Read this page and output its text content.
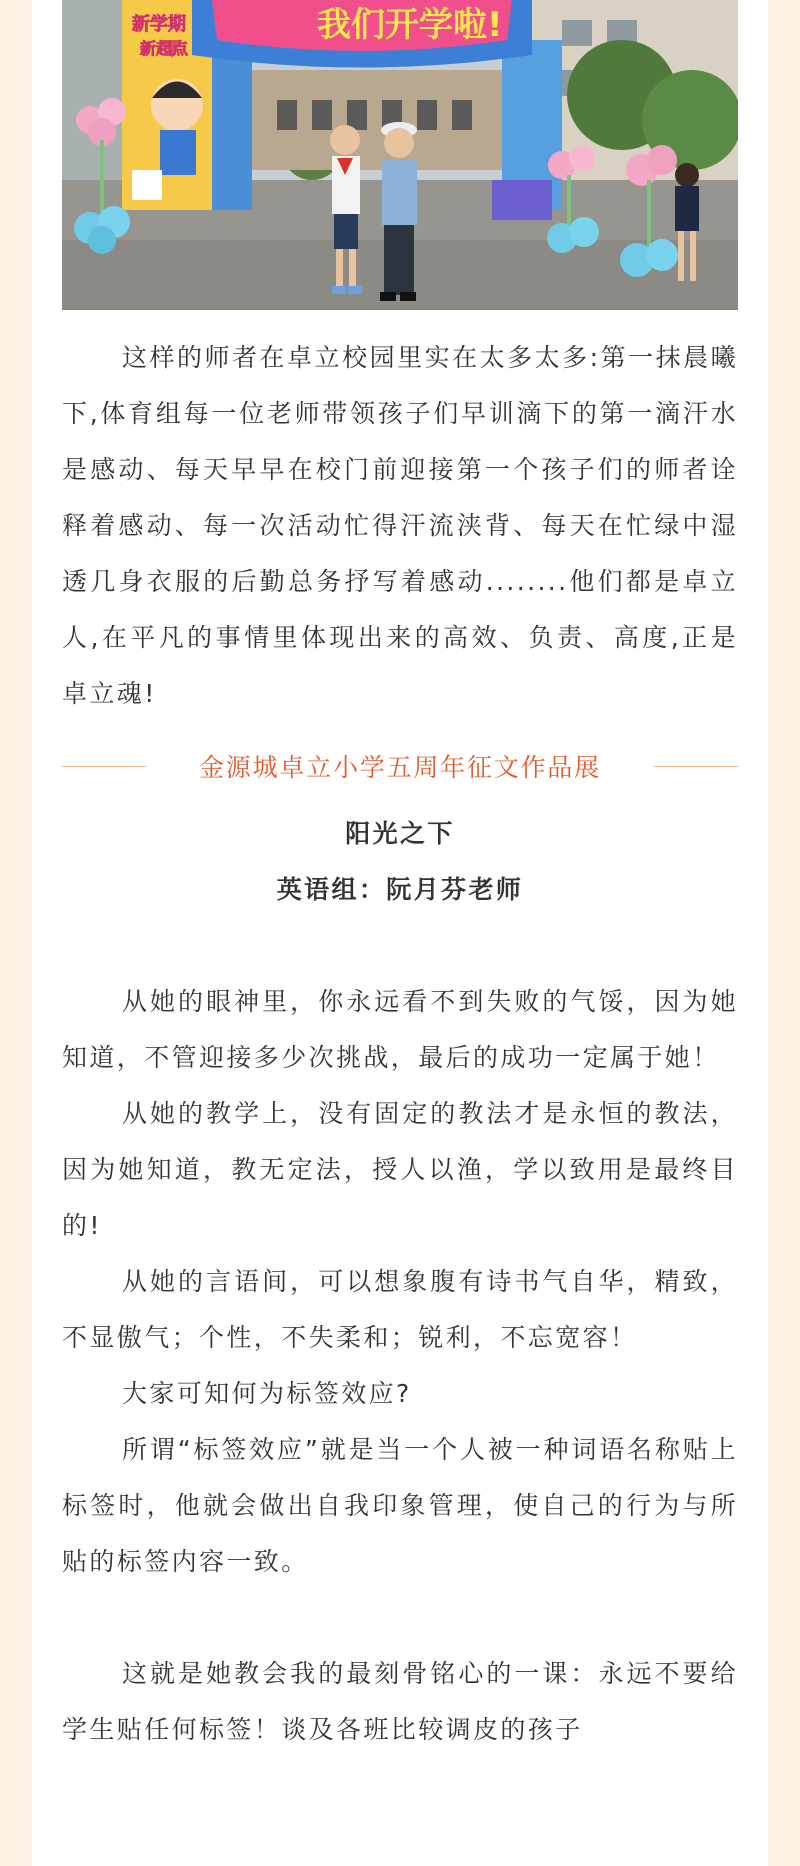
我们开学啦!
新学期
新起点

这样的师者在卓立校园里实在太多太多:第一抹晨曦下,体育组每一位老师带领孩子们早训滴下的第一滴汗水是感动、每天早早在校门前迎接第一个孩子们的师者诠释着感动、每一次活动忙得汗流浃背、每天在忙绿中湿透几身衣服的后勤总务抒写着感动........他们都是卓立人,在平凡的事情里体现出来的高效、负责、高度,正是卓立魂!

金源城卓立小学五周年征文作品展
阳光之下
英语组：阮月芬老师

从她的眼神里，你永远看不到失败的气馁，因为她知道，不管迎接多少次挑战，最后的成功一定属于她！

从她的教学上，没有固定的教法才是永恒的教法，因为她知道，教无定法，授人以渔，学以致用是最终目的!

从她的言语间，可以想象腹有诗书气自华，精致，不显傲气；个性，不失柔和；锐利，不忘宽容！

大家可知何为标签效应?

所谓“标签效应”就是当一个人被一种词语名称贴上标签时，他就会做出自我印象管理，使自己的行为与所贴的标签内容一致。

这就是她教会我的最刻骨铭心的一课：永远不要给学生贴任何标签！谈及各班比较调皮的孩子
